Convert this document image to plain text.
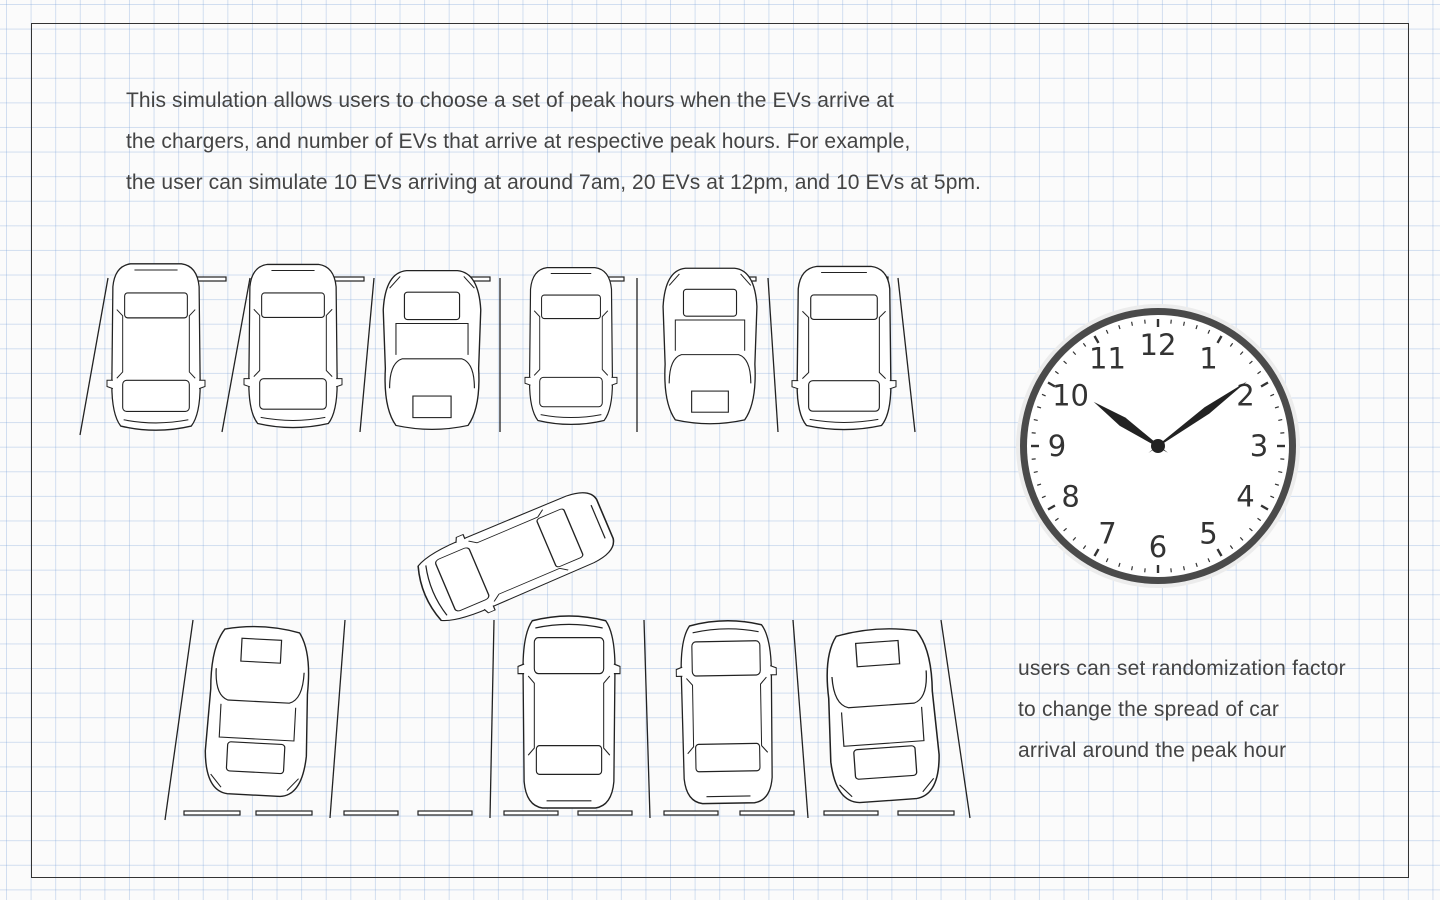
This simulation allows users to choose a set of peak hours when the EVs arrive at
the chargers, and number of EVs that arrive at respective peak hours. For example,
the user can simulate 10 EVs arriving at around 7am, 20 EVs at 12pm, and 10 EVs at 5pm.
12 1
2
3
4
5
6
7
8
9
10
11
users can set randomization factor
to change the spread of car
arrival around the peak hour
